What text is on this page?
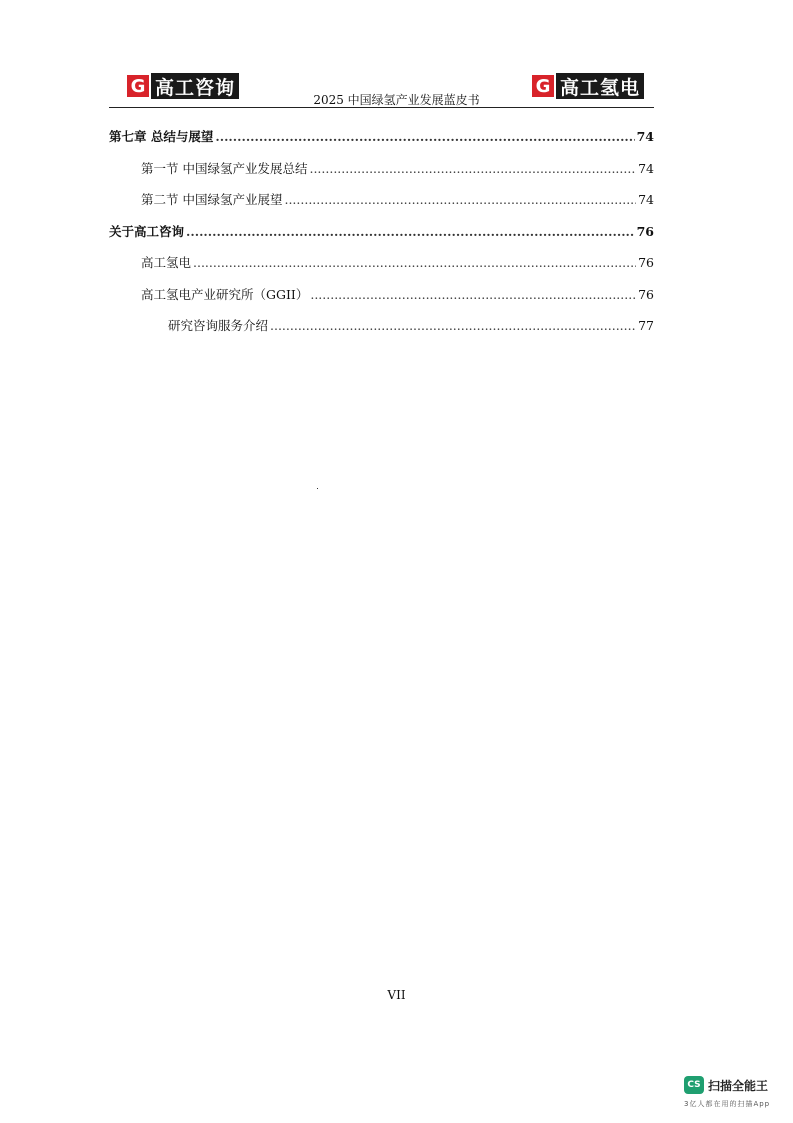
G 高工咨询
2025 中国绿氢产业发展蓝皮书
G 高工氢电
第七章 总结与展望 .....	74
第一节 中国绿氢产业发展总结 .....	74
第二节 中国绿氢产业展望 .....	74
关于高工咨询 .....	76
高工氢电 .....	76
高工氢电产业研究所（GGII） .....	76
研究咨询服务介绍 .....	77
VII
CS 扫描全能王
3亿人都在用的扫描App
